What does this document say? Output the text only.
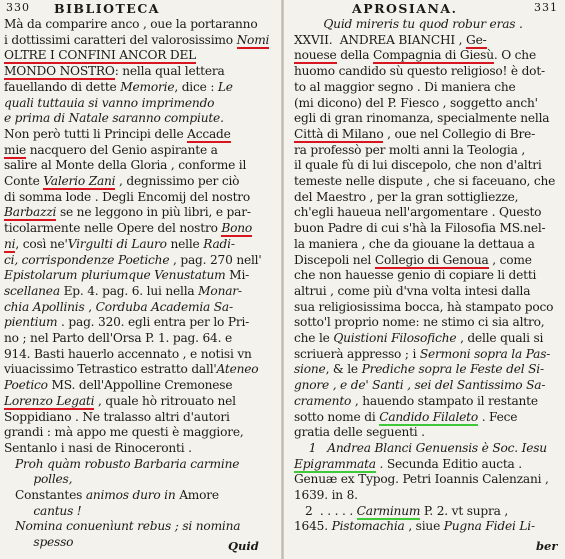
330 BIBLIOTECA
Mà da comparire anco , oue la portaranno
i dottissimi caratteri del valorosissimo Nomi
OLTRE I CONFINI ANCOR DEL
MONDO NOSTRO: nella qual lettera
fauellando di dette Memorie, dice : Le
quali tuttauia si vanno imprimendo
e prima di Natale saranno compiute.
Non però tutti li Principi delle Accade
mie nacquero del Genio aspirante a
salire al Monte della Gloria , conforme il
Conte Valerio Zani , degnissimo per ciò
di somma lode . Degli Encomij del nostro
Barbazzi se ne leggono in più libri, e par-
ticolarmente nelle Opere del nostro Bono
ni, così ne'Virgulti di Lauro nelle Radi-
ci, corrispondenze Poetiche , pag. 270 nell'
Epistolarum pluriumque Venustatum Mi-
scellanea Ep. 4. pag. 6. lui nella Monar-
chia Apollinis , Corduba Academia Sa-
pientium . pag. 320. egli entra per lo Pri-
no ; nel Parto dell'Orsa P. 1. pag. 64. e
914. Basti hauerlo accennato , e notisi vn
viuacissimo Tetrastico estratto dall'Ateneo
Poetico MS. dell'Appolline Cremonese
Lorenzo Legati , quale hò ritrouato nel
Soppidiano . Ne tralasso altri d'autori
grandi : mà appo me questi è maggiore,
Sentanlo i nasi de Rinoceronti .
Proh quàm robusto Barbaria carmine
polles,
Constantes animos duro in Amore
cantus !
Nomina conuenìunt rebus ; si nomina
spesso	Quid
APROSIANA.	331
Quid mireris tu quod robur eras .
XXVII.  ANDREA BIANCHI , Ge-
nouese della Compagnia di Giesù. O che
huomo candido sù questo religioso! è dot-
to al maggior segno . Di maniera che
(mi dicono) del P. Fiesco , soggetto anch'
egli di gran rinomanza, specialmente nella
Città di Milano , oue nel Collegio di Bre-
ra professò per molti anni la Teologia ,
il quale fù di lui discepolo, che non d'altri
temeste nelle dispute , che si faceuano, che
del Maestro , per la gran sottigliezze,
ch'egli haueua nell'argomentare . Questo
buon Padre di cui s'hà la Filosofia MS.nel-
la maniera , che da giouane la dettaua a
Discepoli nel Collegio di Genoua , come
che non hauesse genio di copiare li detti
altrui , come più d'vna volta intesi dalla
sua religiosissima bocca, hà stampato poco
sotto'l proprio nome: ne stimo ci sia altro,
che le Quistioni Filosofiche , delle quali si
scriuerà appresso ; i Sermoni sopra la Pas-
sione, & le Prediche sopra le Feste del Si-
gnore , e de' Santi , sei del Santissimo Sa-
cramento , hauendo stampato il restante
sotto nome di Candido Filaleto . Fece
gratia delle seguenti .
1   Andrea Blanci Genuensis è Soc. Iesu
Epigrammata . Secunda Editio aucta .
Genuæ ex Typog. Petri Ioannis Calenzani ,
1639. in 8.
2  . . . . . Carminum P. 2. vt supra ,
1645. Pistomachia , siue Pugna Fidei Li-
ber
